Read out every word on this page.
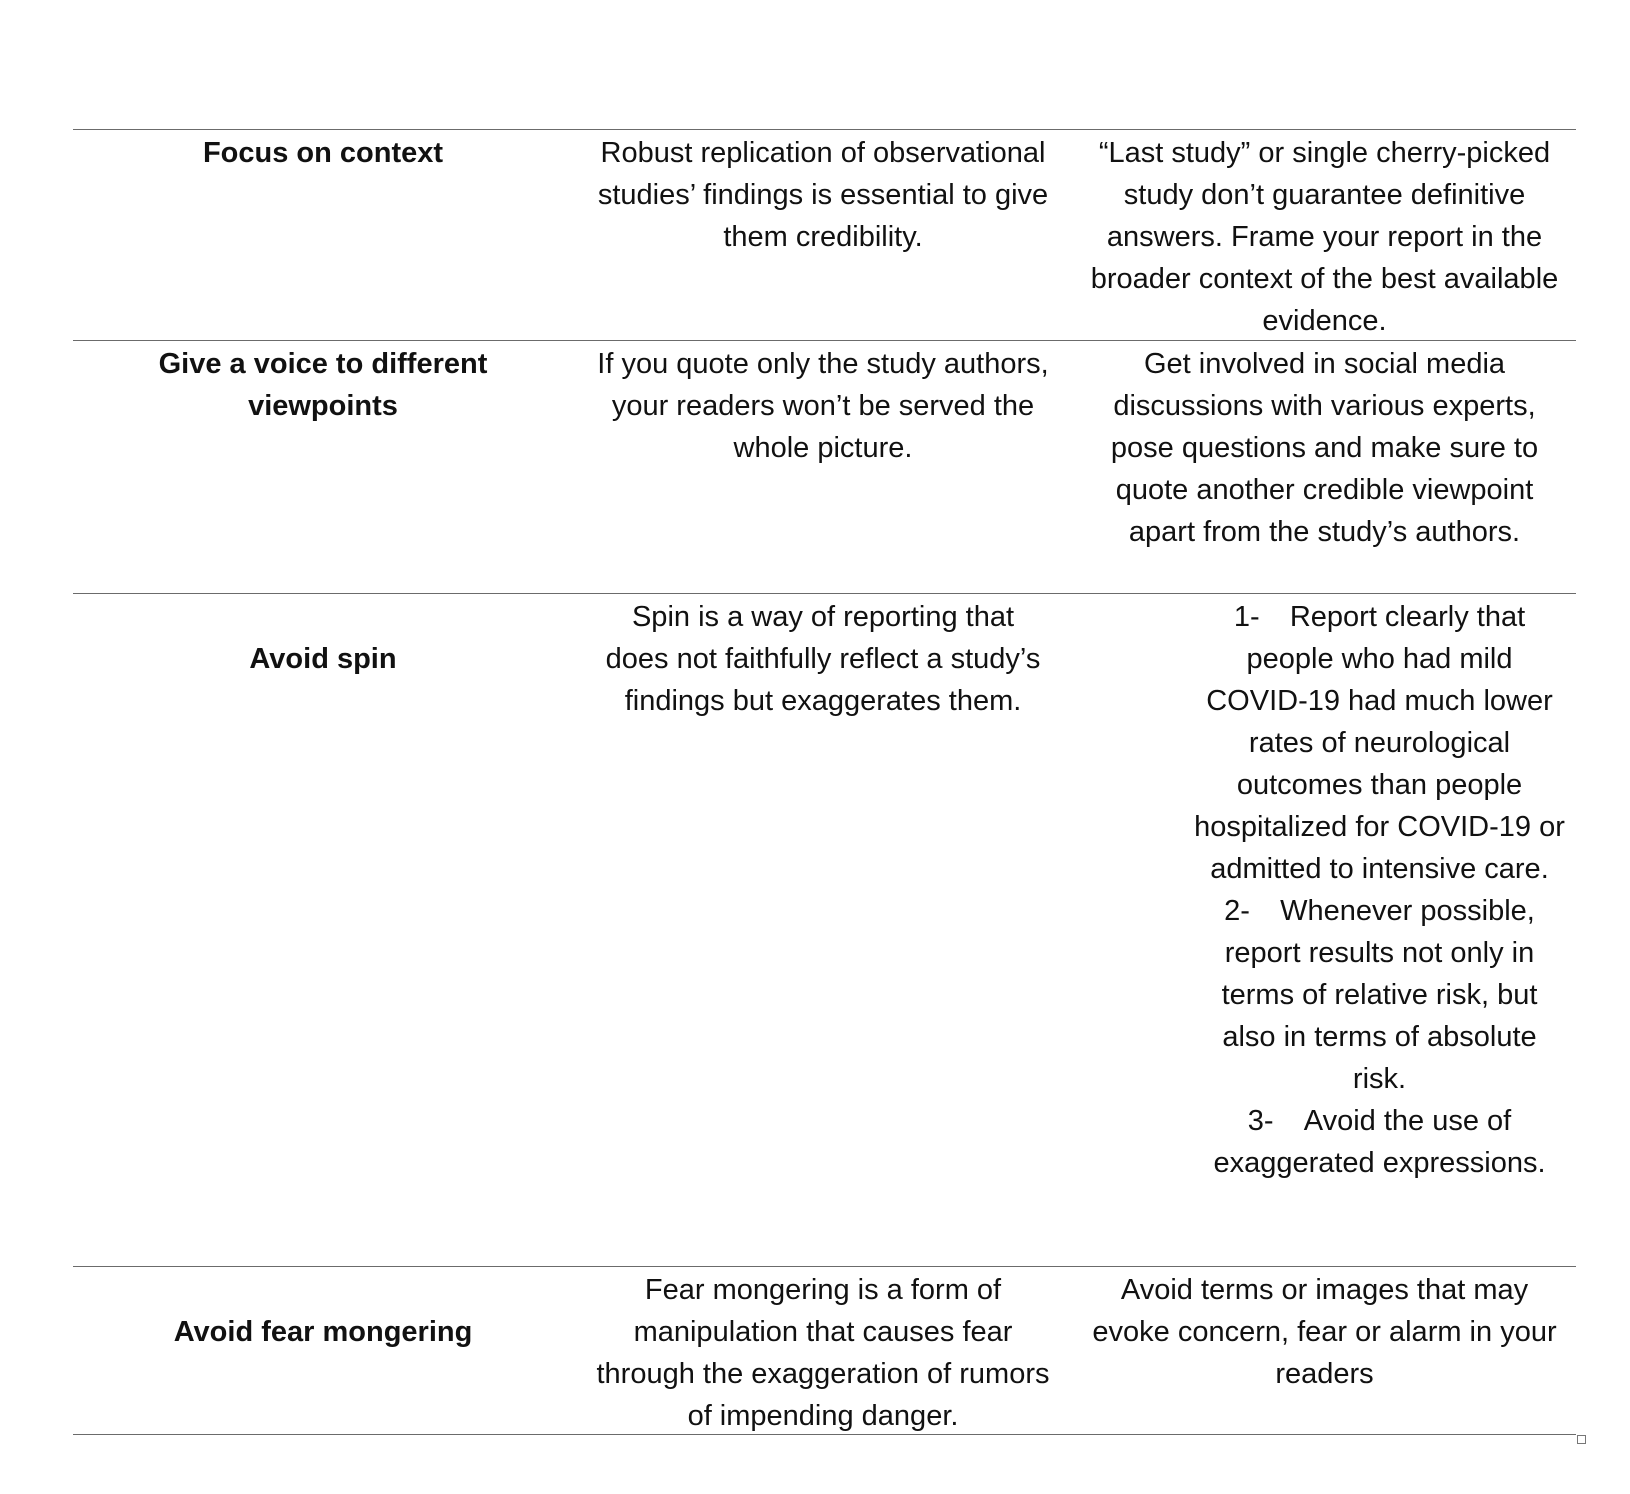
Focus on context	Robust replication of observational studies’ findings is essential to give them credibility.
“Last study” or single cherry-picked study don’t guarantee definitive answers. Frame your report in the broader context of the best available evidence.
Give a voice to different viewpoints
If you quote only the study authors, your readers won’t be served the whole picture.
Get involved in social media discussions with various experts, pose questions and make sure to quote another credible viewpoint apart from the study’s authors.
Avoid spin
Spin is a way of reporting that does not faithfully reflect a study’s findings but exaggerates them.
1- Report clearly that people who had mild COVID-19 had much lower rates of neurological outcomes than people hospitalized for COVID-19 or admitted to intensive care.
2- Whenever possible, report results not only in terms of relative risk, but also in terms of absolute risk.
3- Avoid the use of exaggerated expressions.
Avoid fear mongering
Fear mongering is a form of manipulation that causes fear through the exaggeration of rumors of impending danger.
Avoid terms or images that may evoke concern, fear or alarm in your readers
